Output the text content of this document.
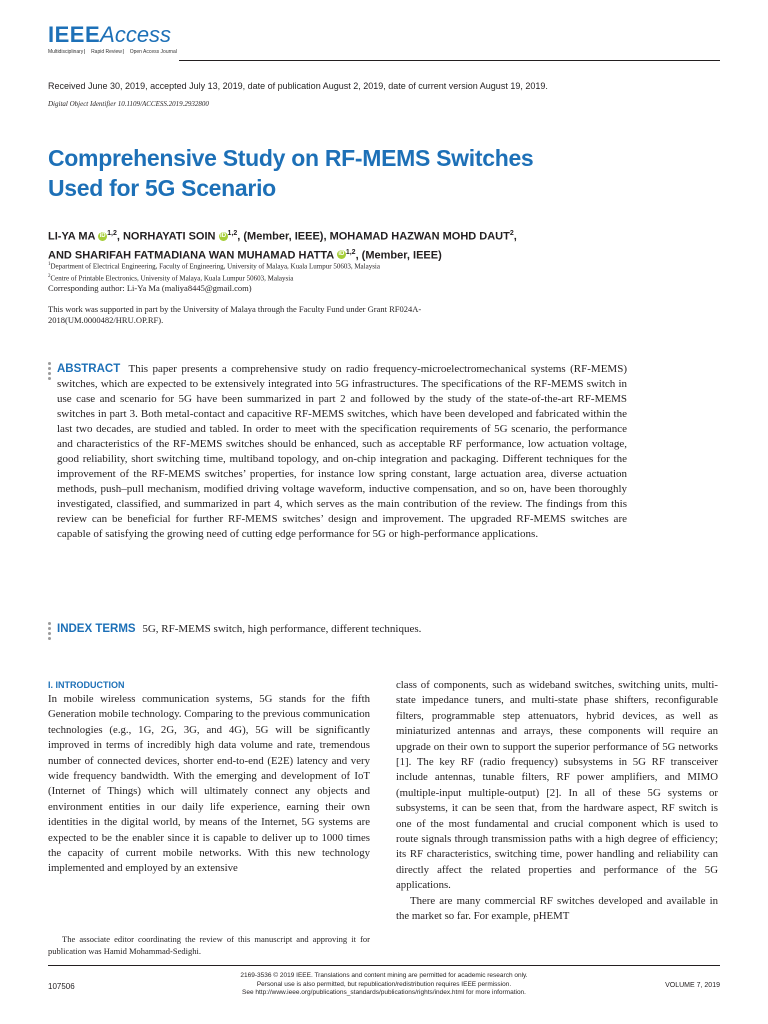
IEEEAccess
Multidisciplinary ⎸ Rapid Review ⎸ Open Access Journal
Received June 30, 2019, accepted July 13, 2019, date of publication August 2, 2019, date of current version August 19, 2019.
Digital Object Identifier 10.1109/ACCESS.2019.2932800
Comprehensive Study on RF-MEMS Switches
Used for 5G Scenario
LI-YA MA iD $^{1,2}$, NORHAYATI SOIN iD $^{1,2}$, (Member, IEEE), MOHAMAD HAZWAN MOHD DAUT$^2$,
AND SHARIFAH FATMADIANA WAN MUHAMAD HATTA iD $^{1,2}$, (Member, IEEE)
$^1$Department of Electrical Engineering, Faculty of Engineering, University of Malaya, Kuala Lumpur 50603, Malaysia
$^2$Centre of Printable Electronics, University of Malaya, Kuala Lumpur 50603, Malaysia
Corresponding author: Li-Ya Ma (maliya8445@gmail.com)
This work was supported in part by the University of Malaya through the Faculty Fund under Grant RF024A-2018(UM.0000482/HRU.OP.RF).
ABSTRACT This paper presents a comprehensive study on radio frequency-microelectromechanical systems (RF-MEMS) switches, which are expected to be extensively integrated into 5G infrastructures. The specifications of the RF-MEMS switch in use case and scenario for 5G have been summarized in part 2 and followed by the study of the state-of-the-art RF-MEMS switches in part 3. Both metal-contact and capacitive RF-MEMS switches, which have been developed and fabricated within the last two decades, are studied and tabled. In order to meet with the specification requirements of 5G scenario, the performance and characteristics of the RF-MEMS switches should be enhanced, such as acceptable RF performance, low actuation voltage, good reliability, short switching time, multiband topology, and on-chip integration and packaging. Different techniques for the improvement of the RF-MEMS switches’ properties, for instance low spring constant, large actuation area, diverse actuation methods, push–pull mechanism, modified driving voltage waveform, inductive compensation, and so on, have been thoroughly investigated, classified, and summarized in part 4, which serves as the main contribution of the review. The findings from this review can be beneficial for further RF-MEMS switches’ design and improvement. The upgraded RF-MEMS switches are capable of satisfying the growing need of cutting edge performance for 5G or high-performance applications.
INDEX TERMS 5G, RF-MEMS switch, high performance, different techniques.
I. INTRODUCTION

In mobile wireless communication systems, 5G stands for the fifth Generation mobile technology. Comparing to the previous communication technologies (e.g., 1G, 2G, 3G, and 4G), 5G will be significantly improved in terms of incredibly high data volume and rate, tremendous number of connected devices, shorter end-to-end (E2E) latency and very wide frequency bandwidth. With the emerging and development of IoT (Internet of Things) which will ultimately connect any objects and environment entities in our daily life experience, earning their own identities in the digital world, by means of the Internet, 5G systems are expected to be the enabler since it is capable to deliver up to 1000 times the capacity of current mobile networks. With this new technology implemented and employed by an extensive

class of components, such as wideband switches, switching units, multi-state impedance tuners, and multi-state phase shifters, reconfigurable filters, programmable step attenuators, hybrid devices, as well as miniaturized antennas and arrays, these components will require an upgrade on their own to support the superior performance of 5G networks [1]. The key RF (radio frequency) subsystems in 5G RF transceiver include antennas, tunable filters, RF power amplifiers, and MIMO (multiple-input multiple-output) [2]. In all of these 5G systems or subsystems, it can be seen that, from the hardware aspect, RF switch is one of the most fundamental and crucial component which is used to route signals through transmission paths with a high degree of efficiency; its RF characteristics, switching time, power handling and reliability can directly affect the related properties and performance of the 5G applications.

There are many commercial RF switches developed and available in the market so far. For example, pHEMT

The associate editor coordinating the review of this manuscript and approving it for publication was Hamid Mohammad-Sedighi.
107506
2169-3536 © 2019 IEEE. Translations and content mining are permitted for academic research only.
Personal use is also permitted, but republication/redistribution requires IEEE permission.
See http://www.ieee.org/publications_standards/publications/rights/index.html for more information.
VOLUME 7, 2019
